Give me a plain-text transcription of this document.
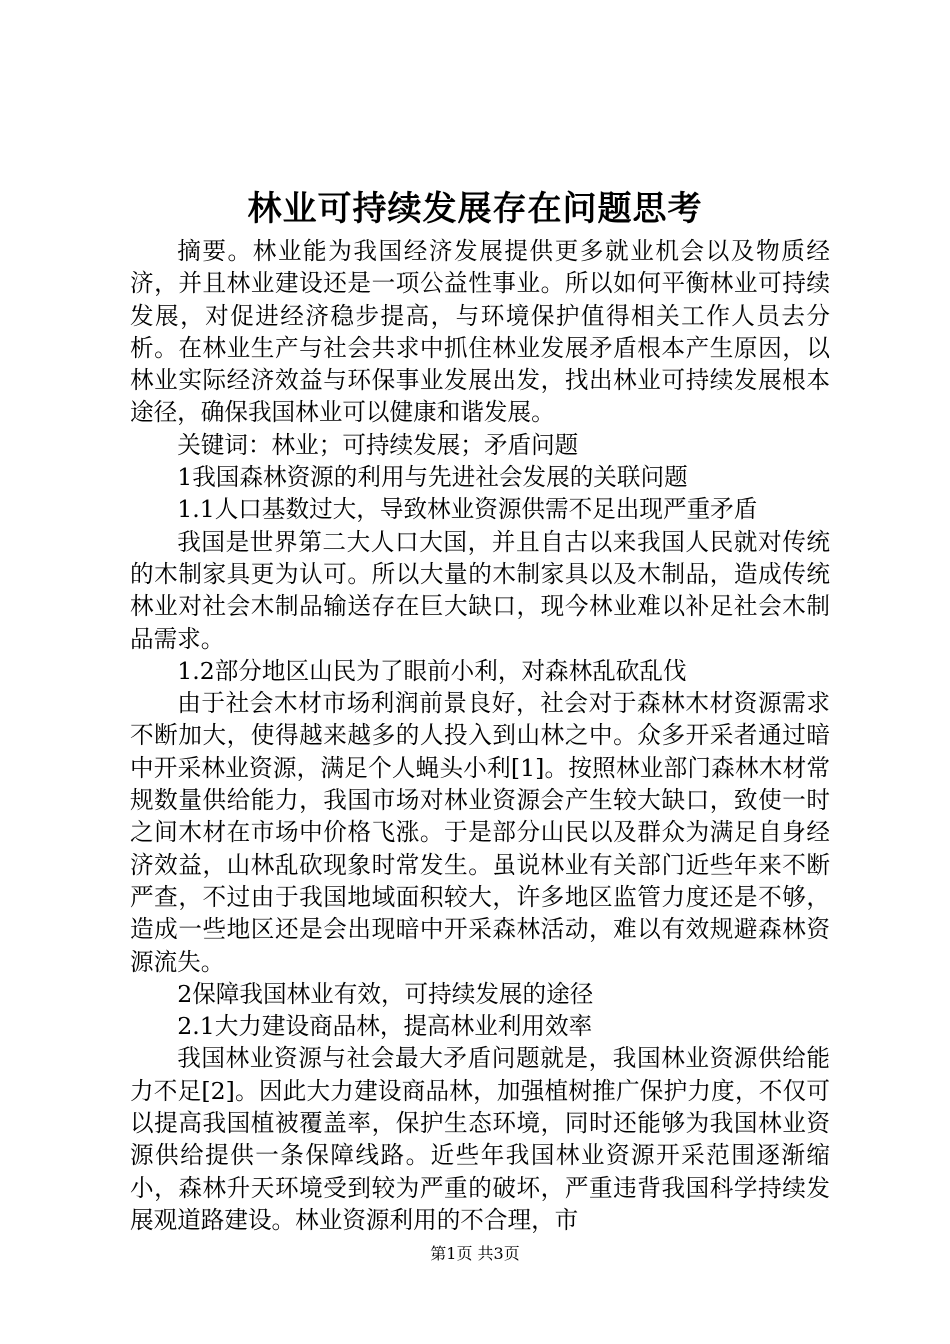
林业可持续发展存在问题思考

摘要。林业能为我国经济发展提供更多就业机会以及物质经济，并且林业建设还是一项公益性事业。所以如何平衡林业可持续发展，对促进经济稳步提高，与环境保护值得相关工作人员去分析。在林业生产与社会共求中抓住林业发展矛盾根本产生原因，以林业实际经济效益与环保事业发展出发，找出林业可持续发展根本途径，确保我国林业可以健康和谐发展。

关键词：林业；可持续发展；矛盾问题

1我国森林资源的利用与先进社会发展的关联问题

1.1人口基数过大，导致林业资源供需不足出现严重矛盾

我国是世界第二大人口大国，并且自古以来我国人民就对传统的木制家具更为认可。所以大量的木制家具以及木制品，造成传统林业对社会木制品输送存在巨大缺口，现今林业难以补足社会木制品需求。

1.2部分地区山民为了眼前小利，对森林乱砍乱伐

由于社会木材市场利润前景良好，社会对于森林木材资源需求不断加大，使得越来越多的人投入到山林之中。众多开采者通过暗中开采林业资源，满足个人蝇头小利[1]。按照林业部门森林木材常规数量供给能力，我国市场对林业资源会产生较大缺口，致使一时之间木材在市场中价格飞涨。于是部分山民以及群众为满足自身经济效益，山林乱砍现象时常发生。虽说林业有关部门近些年来不断严查，不过由于我国地域面积较大，许多地区监管力度还是不够，造成一些地区还是会出现暗中开采森林活动，难以有效规避森林资源流失。

2保障我国林业有效，可持续发展的途径

2.1大力建设商品林，提高林业利用效率

我国林业资源与社会最大矛盾问题就是，我国林业资源供给能力不足[2]。因此大力建设商品林，加强植树推广保护力度，不仅可以提高我国植被覆盖率，保护生态环境，同时还能够为我国林业资源供给提供一条保障线路。近些年我国林业资源开采范围逐渐缩小，森林升天环境受到较为严重的破坏，严重违背我国科学持续发展观道路建设。林业资源利用的不合理，市

第1页 共3页
